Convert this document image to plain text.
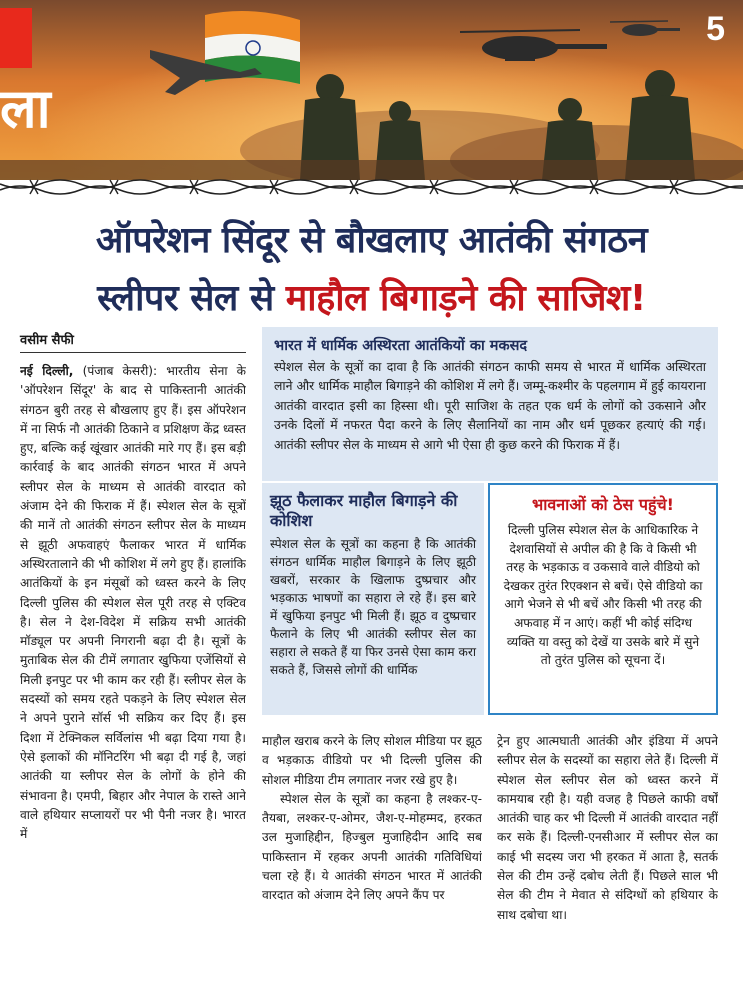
ला
5
ऑपरेशन सिंदूर से बौखलाए आतंकी संगठन
स्लीपर सेल से माहौल बिगाड़ने की साजिश!
वसीम सैफी

नई दिल्ली, (पंजाब केसरी): भारतीय सेना के 'ऑपरेशन सिंदूर' के बाद से पाकिस्तानी आतंकी संगठन बुरी तरह से बौखलाए हुए हैं। इस ऑपरेशन में ना सिर्फ नौ आतंकी ठिकाने व प्रशिक्षण केंद्र ध्वस्त हुए, बल्कि कई खूंखार आतंकी मारे गए हैं। इस बड़ी कार्रवाई के बाद आतंकी संगठन भारत में अपने स्लीपर सेल के माध्यम से आतंकी वारदात को अंजाम देने की फिराक में हैं। स्पेशल सेल के सूत्रों की मानें तो आतंकी संगठन स्लीपर सेल के माध्यम से झूठी अफवाहएं फैलाकर भारत में धार्मिक अस्थिरतालाने की भी कोशिश में लगे हुए हैं। हालांकि आतंकियों के इन मंसूबों को ध्वस्त करने के लिए दिल्ली पुलिस की स्पेशल सेल पूरी तरह से एक्टिव है। सेल ने देश-विदेश में सक्रिय सभी आतंकी मॉड्यूल पर अपनी निगरानी बढ़ा दी है। सूत्रों के मुताबिक सेल की टीमें लगातार खुफिया एजेंसियों से मिली इनपुट पर भी काम कर रही हैं। स्लीपर सेल के सदस्यों को समय रहते पकड़ने के लिए स्पेशल सेल ने अपने पुराने सॉर्स भी सक्रिय कर दिए हैं। इस दिशा में टेक्निकल सर्विलांस भी बढ़ा दिया गया है। ऐसे इलाकों की मॉनिटरिंग भी बढ़ा दी गई है, जहां आतंकी या स्लीपर सेल के लोगों के होने की संभावना है। एमपी, बिहार और नेपाल के रास्ते आने वाले हथियार सप्लायरों पर भी पैनी नजर है। भारत में

भारत में धार्मिक अस्थिरता आतंकियों का मकसद

स्पेशल सेल के सूत्रों का दावा है कि आतंकी संगठन काफी समय से भारत में धार्मिक अस्थिरता लाने और धार्मिक माहौल बिगाड़ने की कोशिश में लगे हैं। जम्मू-कश्मीर के पहलगाम में हुई कायराना आतंकी वारदात इसी का हिस्सा थी। पूरी साजिश के तहत एक धर्म के लोगों को उकसाने और उनके दिलों में नफरत पैदा करने के लिए सैलानियों का नाम और धर्म पूछकर हत्याएं की गई। आतंकी स्लीपर सेल के माध्यम से आगे भी ऐसा ही कुछ करने की फिराक में हैं।

झूठ फैलाकर माहौल बिगाड़ने की कोशिश

स्पेशल सेल के सूत्रों का कहना है कि आतंकी संगठन धार्मिक माहौल बिगाड़ने के लिए झूठी खबरों, सरकार के खिलाफ दुष्प्रचार और भड़काऊ भाषणों का सहारा ले रहे हैं। इस बारे में खुफिया इनपुट भी मिली हैं। झूठ व दुष्प्रचार फैलाने के लिए भी आतंकी स्लीपर सेल का सहारा ले सकते हैं या फिर उनसे ऐसा काम करा सकते हैं, जिससे लोगों की धार्मिक

भावनाओं को ठेस पहुंचे!

दिल्ली पुलिस स्पेशल सेल के आधिकारिक ने देशवासियों से अपील की है कि वे किसी भी तरह के भड़काऊ व उकसावे वाले वीडियो को देखकर तुरंत रिएक्शन से बचें। ऐसे वीडियो का आगे भेजने से भी बचें और किसी भी तरह की अफवाह में न आएं। कहीं भी कोई संदिग्ध व्यक्ति या वस्तु को देखें या उसके बारे में सुने तो तुरंत पुलिस को सूचना दें।

माहौल खराब करने के लिए सोशल मीडिया पर झूठ व भड़काऊ वीडियो पर भी दिल्ली पुलिस की सोशल मीडिया टीम लगातार नजर रखे हुए है।

स्पेशल सेल के सूत्रों का कहना है लश्कर-ए-तैयबा, लश्कर-ए-ओमर, जैश-ए-मोहम्मद, हरकत उल मुजाहिद्दीन, हिज्बुल मुजाहिदीन आदि सब पाकिस्तान में रहकर अपनी आतंकी गतिविधियां चला रहे हैं। ये आतंकी संगठन भारत में आतंकी वारदात को अंजाम देने लिए अपने कैंप पर

ट्रेन हुए आत्मघाती आतंकी और इंडिया में अपने स्लीपर सेल के सदस्यों का सहारा लेते हैं। दिल्ली में स्पेशल सेल स्लीपर सेल को ध्वस्त करने में कामयाब रही है। यही वजह है पिछले काफी वर्षों आतंकी चाह कर भी दिल्ली में आतंकी वारदात नहीं कर सके हैं। दिल्ली-एनसीआर में स्लीपर सेल का काई भी सदस्य जरा भी हरकत में आता है, सतर्क सेल की टीम उन्हें दबोच लेती हैं। पिछले साल भी सेल की टीम ने मेवात से संदिग्धों को हथियार के साथ दबोचा था।
